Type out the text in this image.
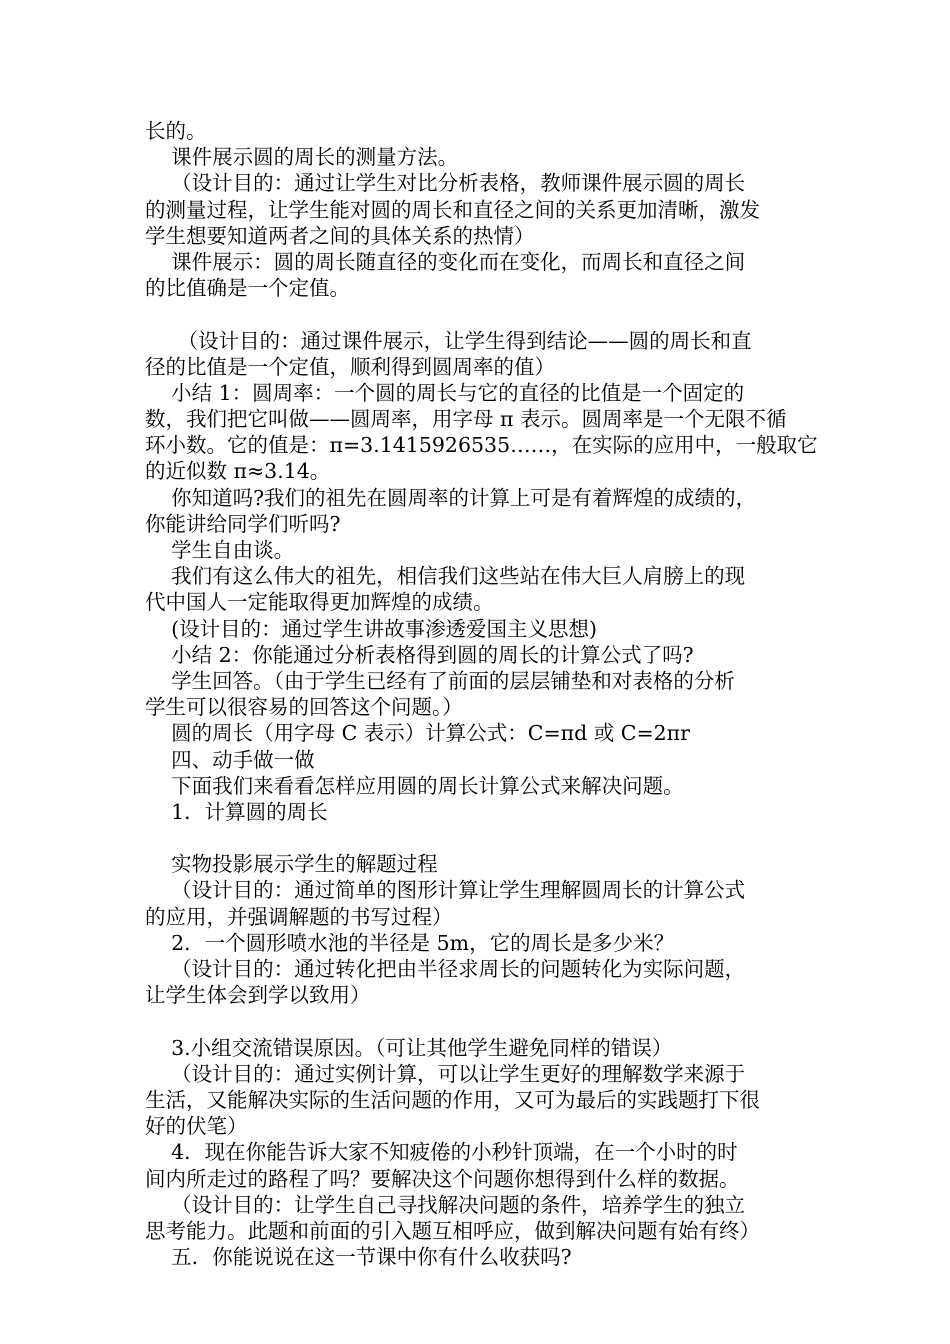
长的。
课件展示圆的周长的测量方法。
（设计目的：通过让学生对比分析表格，教师课件展示圆的周长
的测量过程，让学生能对圆的周长和直径之间的关系更加清晰，激发
学生想要知道两者之间的具体关系的热情）
课件展示：圆的周长随直径的变化而在变化，而周长和直径之间
的比值确是一个定值。
（设计目的：通过课件展示，让学生得到结论——圆的周长和直
径的比值是一个定值，顺利得到圆周率的值）
小结 1：圆周率：一个圆的周长与它的直径的比值是一个固定的
数，我们把它叫做——圆周率，用字母 π 表示。圆周率是一个无限不循
环小数。它的值是：π=3.1415926535……，在实际的应用中，一般取它
的近似数 π≈3.14。
你知道吗?我们的祖先在圆周率的计算上可是有着辉煌的成绩的，
你能讲给同学们听吗?
学生自由谈。
我们有这么伟大的祖先，相信我们这些站在伟大巨人肩膀上的现
代中国人一定能取得更加辉煌的成绩。
(设计目的：通过学生讲故事渗透爱国主义思想)
小结 2：你能通过分析表格得到圆的周长的计算公式了吗?
学生回答。（由于学生已经有了前面的层层铺垫和对表格的分析
学生可以很容易的回答这个问题。）
圆的周长（用字母 C 表示）计算公式：C=πd 或 C=2πr
四、动手做一做
下面我们来看看怎样应用圆的周长计算公式来解决问题。
1．计算圆的周长
实物投影展示学生的解题过程
（设计目的：通过简单的图形计算让学生理解圆周长的计算公式
的应用，并强调解题的书写过程）
2．一个圆形喷水池的半径是 5m，它的周长是多少米？
（设计目的：通过转化把由半径求周长的问题转化为实际问题，
让学生体会到学以致用）
3.小组交流错误原因。（可让其他学生避免同样的错误）
（设计目的：通过实例计算，可以让学生更好的理解数学来源于
生活，又能解决实际的生活问题的作用，又可为最后的实践题打下很
好的伏笔）
4．现在你能告诉大家不知疲倦的小秒针顶端，在一个小时的时
间内所走过的路程了吗？要解决这个问题你想得到什么样的数据。
（设计目的：让学生自己寻找解决问题的条件，培养学生的独立
思考能力。此题和前面的引入题互相呼应，做到解决问题有始有终）
五．你能说说在这一节课中你有什么收获吗?
